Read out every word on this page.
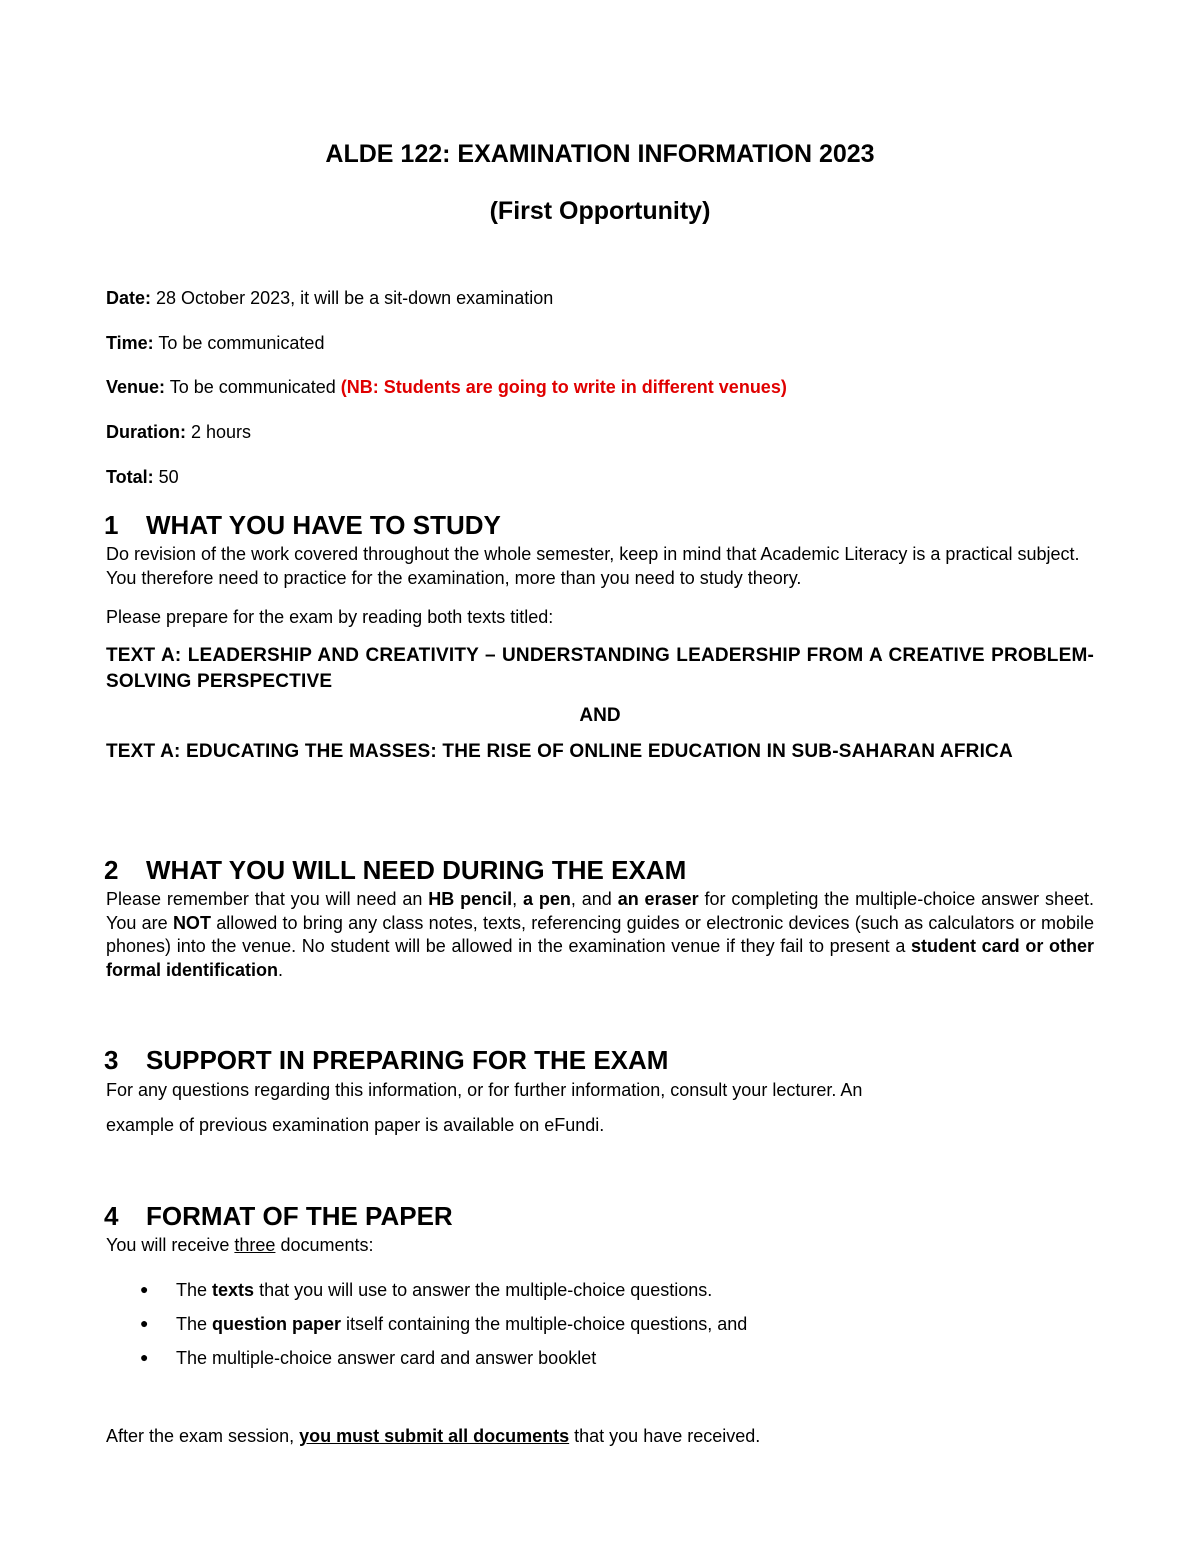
ALDE 122: EXAMINATION INFORMATION 2023
(First Opportunity)
Date: 28 October 2023, it will be a sit-down examination
Time: To be communicated
Venue: To be communicated (NB: Students are going to write in different venues)
Duration: 2 hours
Total: 50
1 WHAT YOU HAVE TO STUDY
Do revision of the work covered throughout the whole semester, keep in mind that Academic Literacy is a practical subject. You therefore need to practice for the examination, more than you need to study theory.
Please prepare for the exam by reading both texts titled:
TEXT A: LEADERSHIP AND CREATIVITY – UNDERSTANDING LEADERSHIP FROM A CREATIVE PROBLEM-SOLVING PERSPECTIVE
AND
TEXT A: EDUCATING THE MASSES: THE RISE OF ONLINE EDUCATION IN SUB-SAHARAN AFRICA
2 WHAT YOU WILL NEED DURING THE EXAM
Please remember that you will need an HB pencil, a pen, and an eraser for completing the multiple-choice answer sheet. You are NOT allowed to bring any class notes, texts, referencing guides or electronic devices (such as calculators or mobile phones) into the venue. No student will be allowed in the examination venue if they fail to present a student card or other formal identification.
3 SUPPORT IN PREPARING FOR THE EXAM
For any questions regarding this information, or for further information, consult your lecturer. An
example of previous examination paper is available on eFundi.
4 FORMAT OF THE PAPER
You will receive three documents:
● The texts that you will use to answer the multiple-choice questions.
● The question paper itself containing the multiple-choice questions, and
● The multiple-choice answer card and answer booklet
After the exam session, you must submit all documents that you have received.
